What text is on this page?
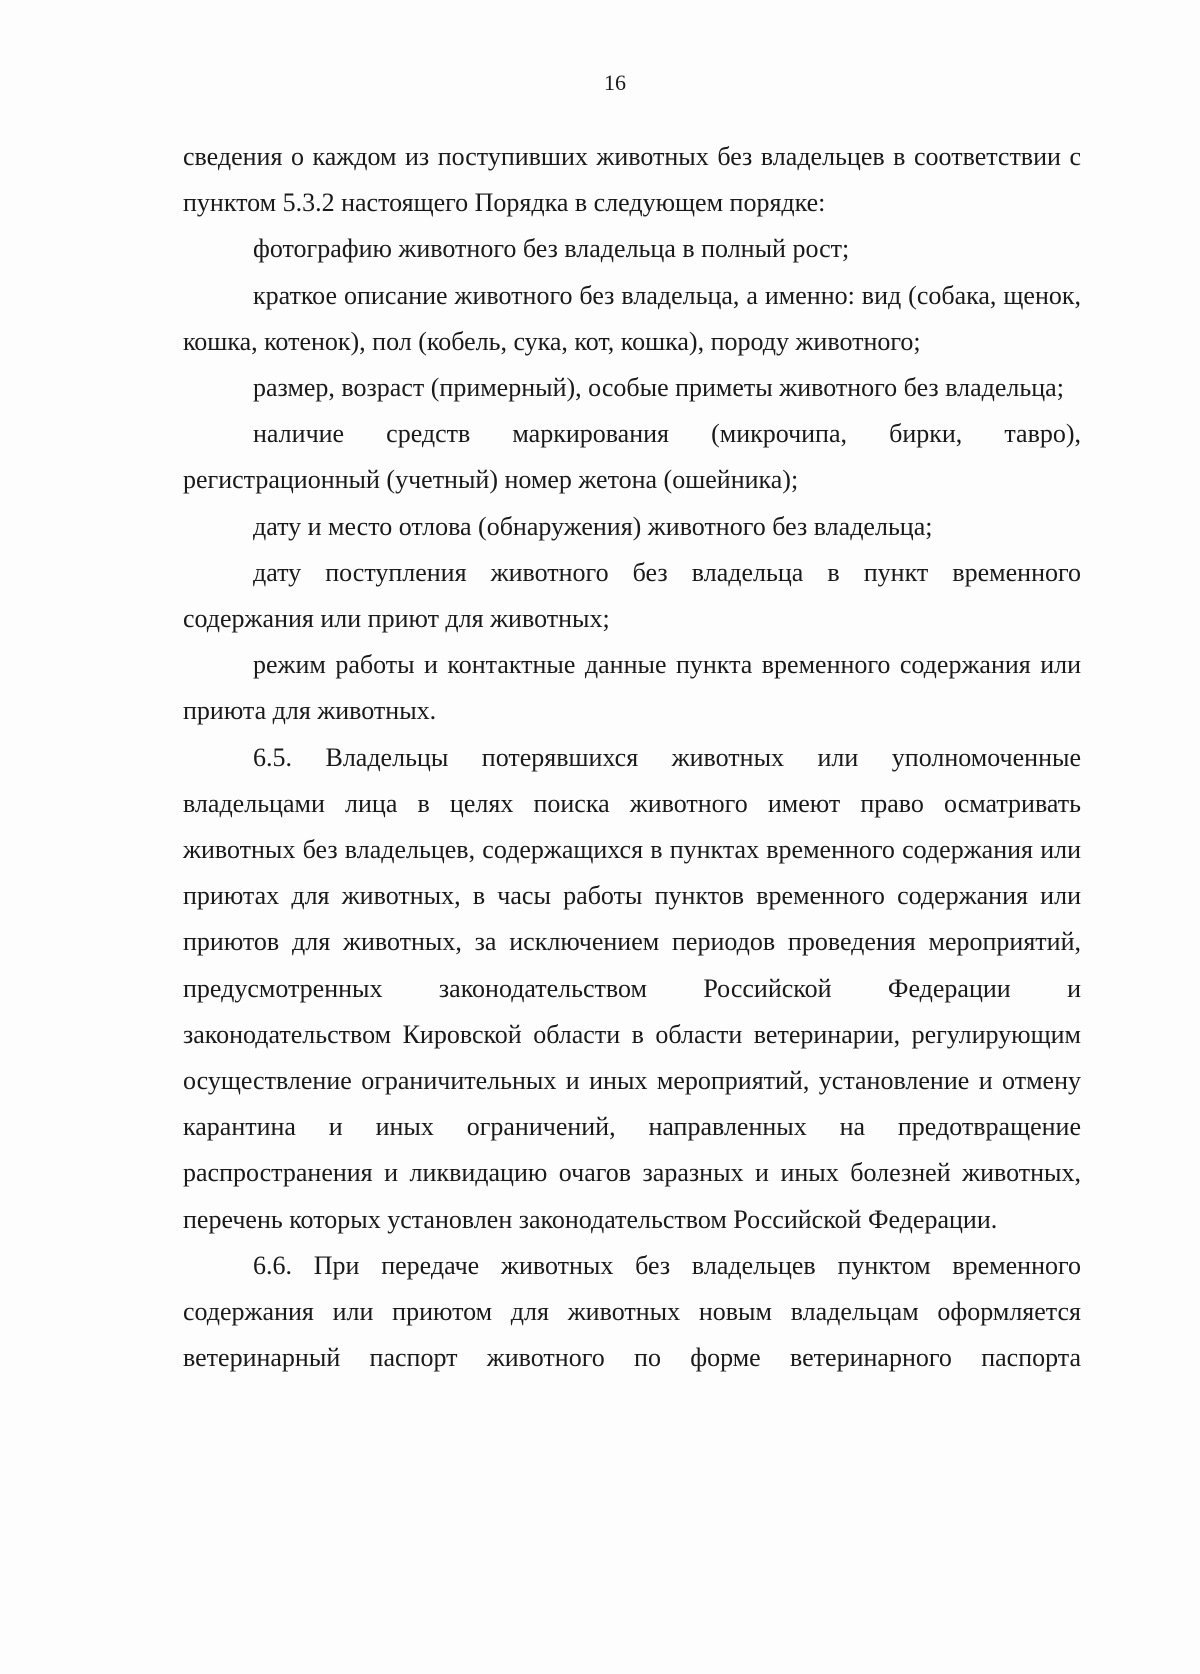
16

сведения о каждом из поступивших животных без владельцев в соответствии с пунктом 5.3.2 настоящего Порядка в следующем порядке:

фотографию животного без владельца в полный рост;

краткое описание животного без владельца, а именно: вид (собака, щенок, кошка, котенок), пол (кобель, сука, кот, кошка), породу животного;

размер, возраст (примерный), особые приметы животного без владельца;

наличие средств маркирования (микрочипа, бирки, тавро), регистрационный (учетный) номер жетона (ошейника);

дату и место отлова (обнаружения) животного без владельца;

дату поступления животного без владельца в пункт временного содержания или приют для животных;

режим работы и контактные данные пункта временного содержания или приюта для животных.

6.5. Владельцы потерявшихся животных или уполномоченные владельцами лица в целях поиска животного имеют право осматривать животных без владельцев, содержащихся в пунктах временного содержания или приютах для животных, в часы работы пунктов временного содержания или приютов для животных, за исключением периодов проведения мероприятий, предусмотренных законодательством Российской Федерации и законодательством Кировской области в области ветеринарии, регулирующим осуществление ограничительных и иных мероприятий, установление и отмену карантина и иных ограничений, направленных на предотвращение распространения и ликвидацию очагов заразных и иных болезней животных, перечень которых установлен законодательством Российской Федерации.

6.6. При передаче животных без владельцев пунктом временного содержания или приютом для животных новым владельцам оформляется ветеринарный паспорт животного по форме ветеринарного паспорта
